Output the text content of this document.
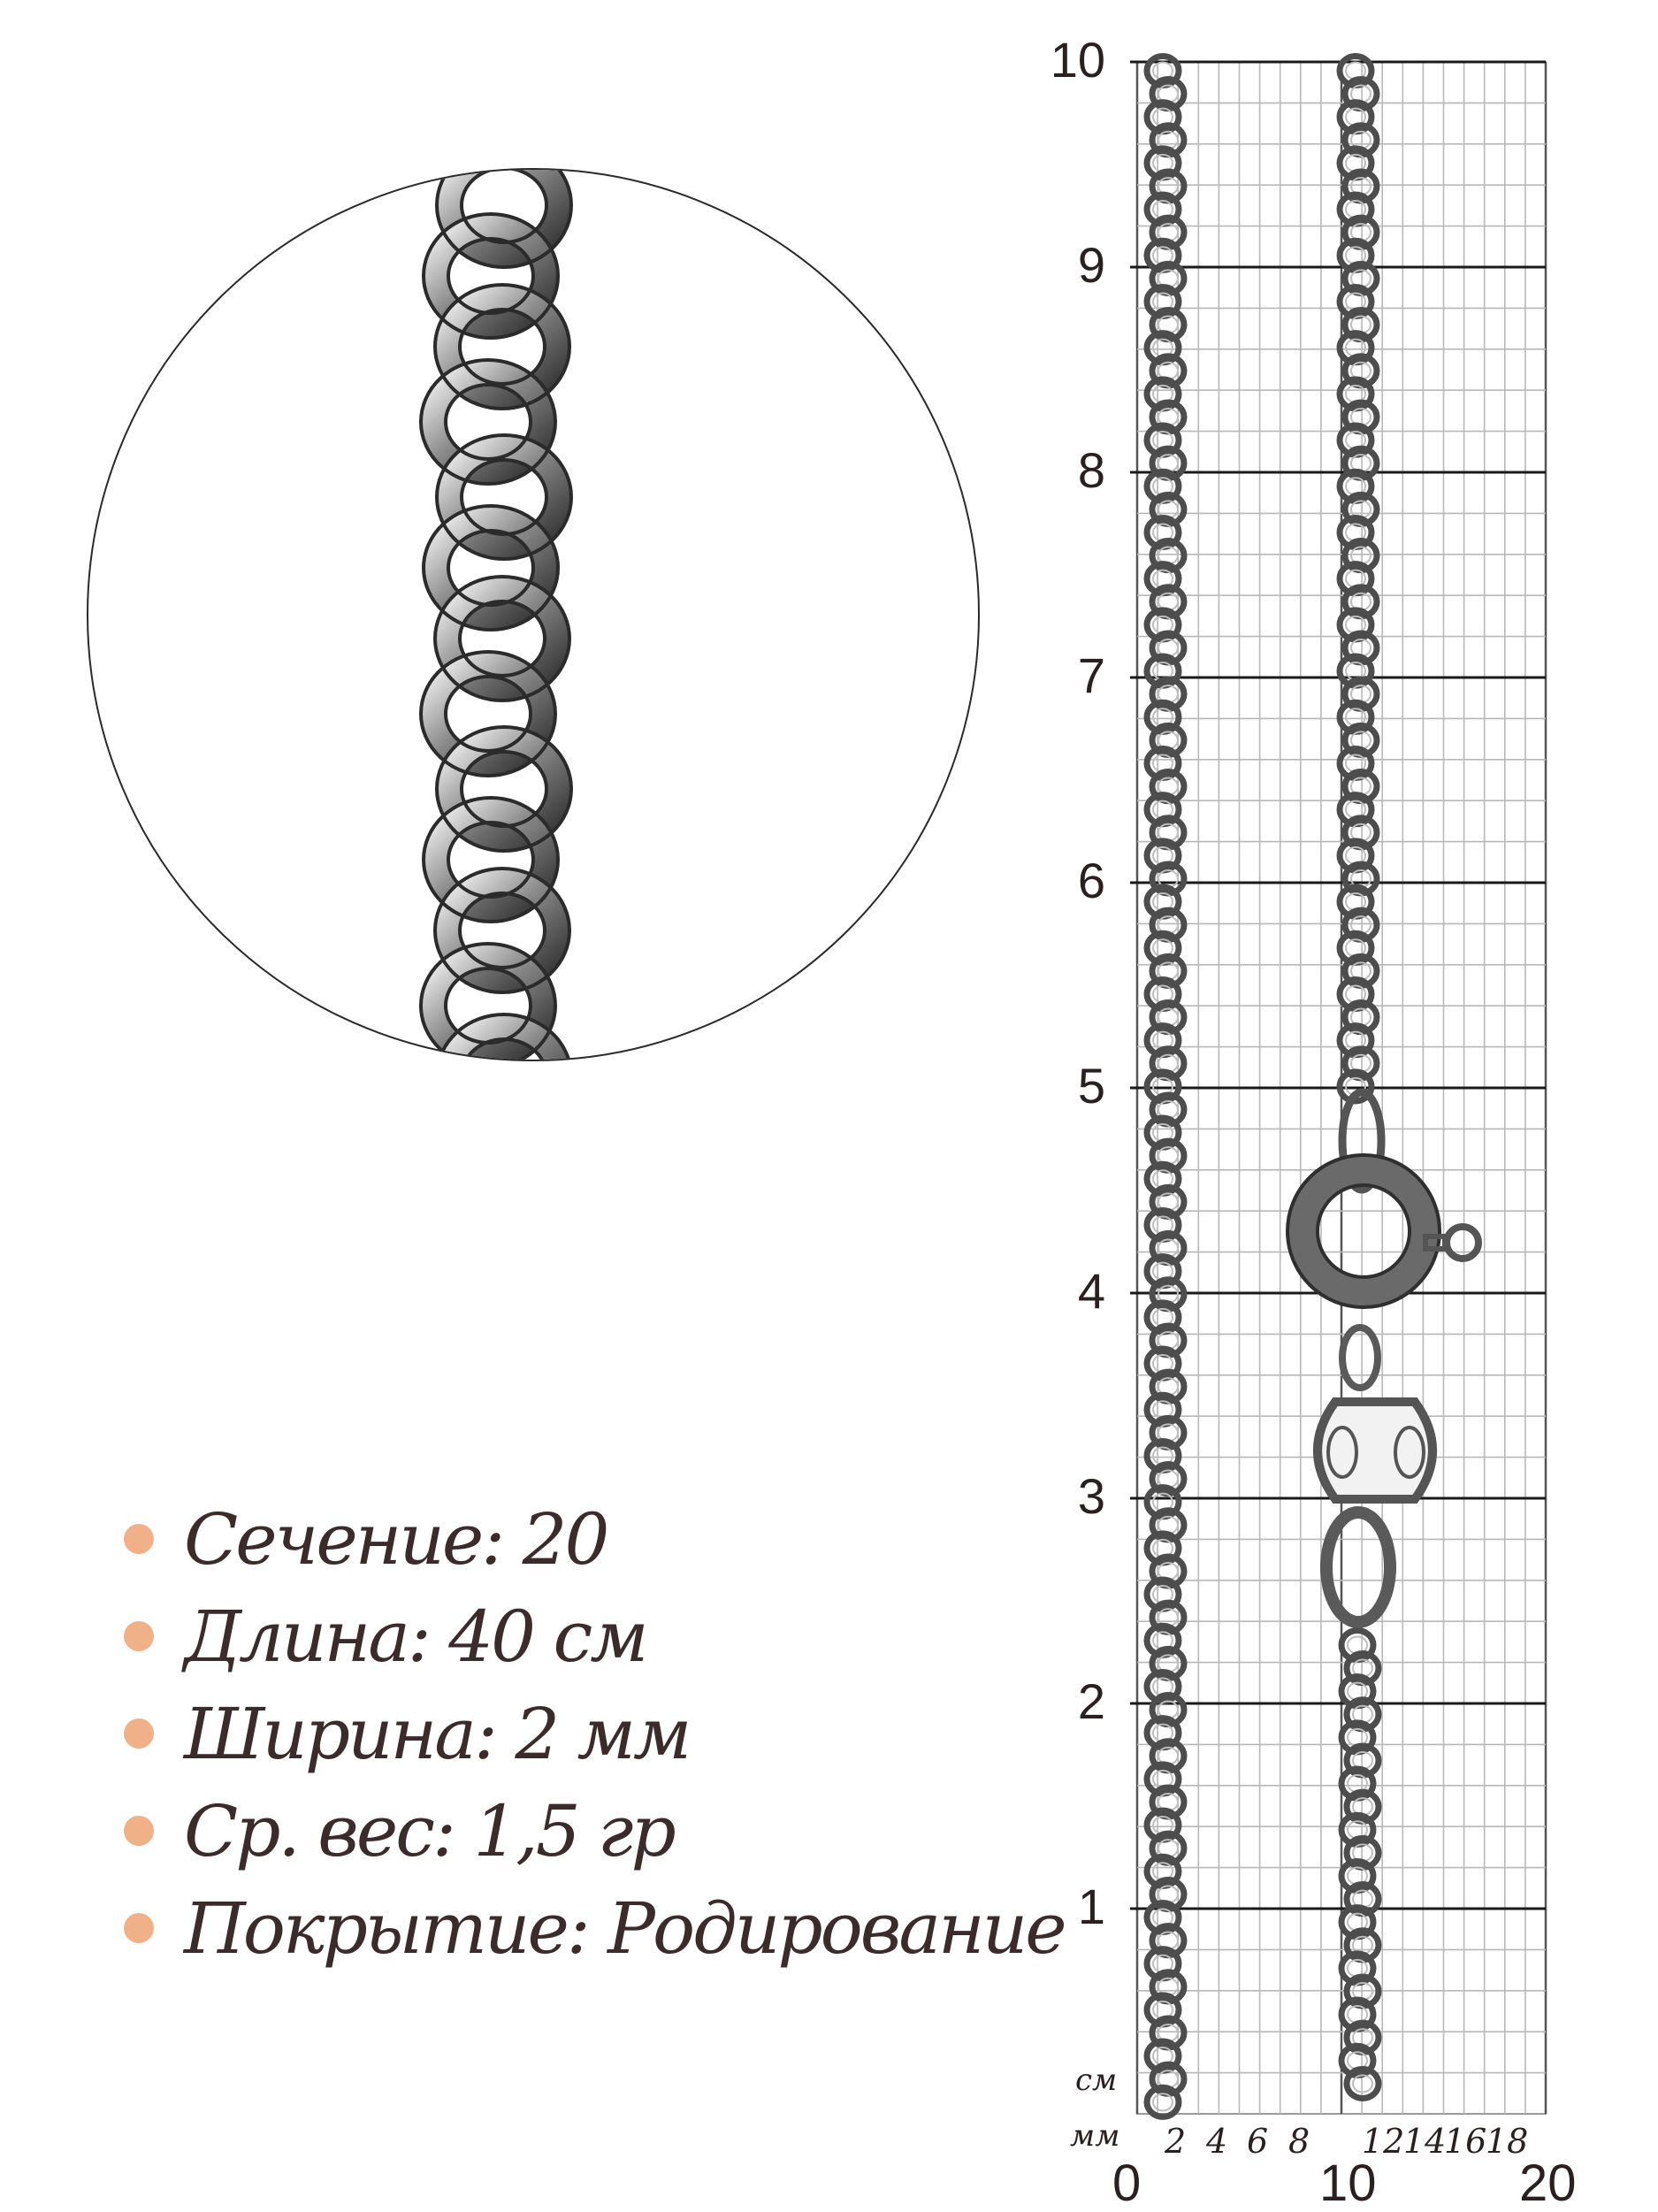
Сечение: 20
Длина: 40 см
Ширина: 2 мм
Ср. вес: 1,5 гр
Покрытие: Родирование
10
9
8
7
6
5
4
3
2
1
см
мм 2 4 6 8 12
14
16
18
0	10	20
